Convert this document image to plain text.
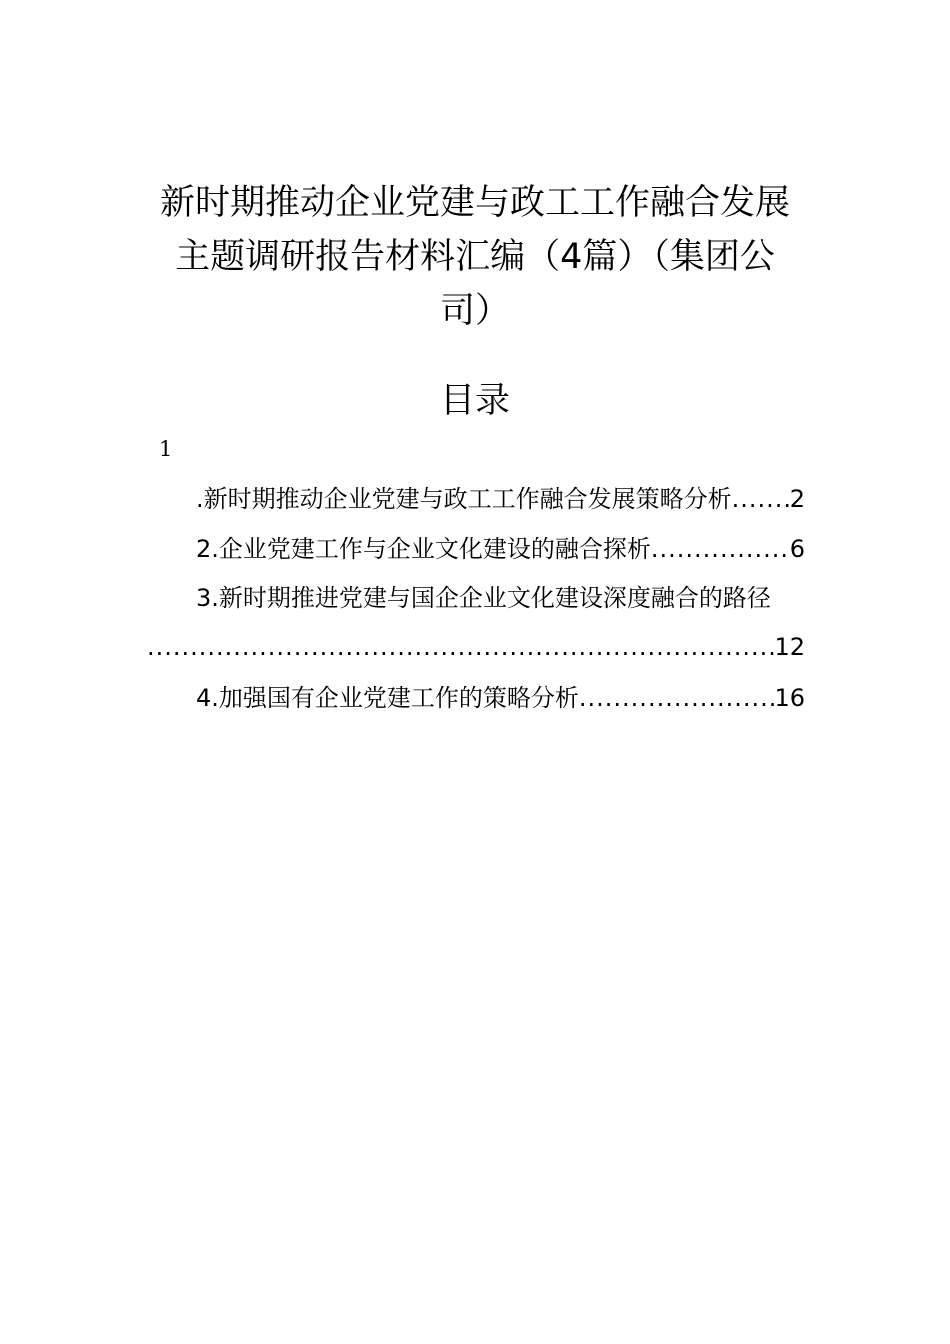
新时期推动企业党建与政工工作融合发展
主题调研报告材料汇编（4篇）（集团公
司）
目录
1
.新时期推动企业党建与政工工作融合发展策略分析 ..... 2
2.企业党建工作与企业文化建设的融合探析 .....	6
3.新时期推进党建与国企企业文化建设深度融合的路径
.....
12
4.加强国有企业党建工作的策略分析 .....	16
